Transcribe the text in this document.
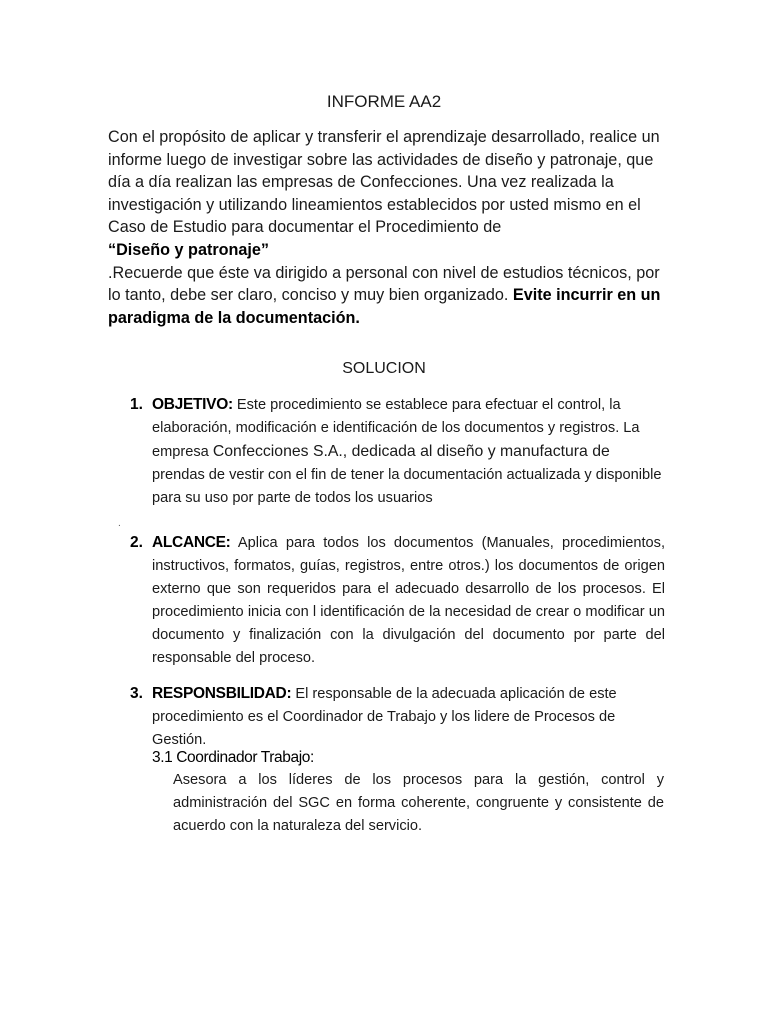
INFORME AA2

Con el propósito de aplicar y transferir el aprendizaje desarrollado, realice un informe luego de investigar sobre las actividades de diseño y patronaje, que día a día realizan las empresas de Confecciones. Una vez realizada la investigación y utilizando lineamientos establecidos por usted mismo en el Caso de Estudio para documentar el Procedimiento de

“Diseño y patronaje”

.Recuerde que éste va dirigido a personal con nivel de estudios técnicos, por lo tanto, debe ser claro, conciso y muy bien organizado. Evite incurrir en un paradigma de la documentación.

SOLUCION
1. OBJETIVO: Este procedimiento se establece para efectuar el control, la elaboración, modificación e identificación de los documentos y registros. La empresa Confecciones S.A., dedicada al diseño y manufactura de prendas de vestir con el fin de tener la documentación actualizada y disponible para su uso por parte de todos los usuarios
.
2. ALCANCE: Aplica para todos los documentos (Manuales, procedimientos, instructivos, formatos, guías, registros, entre otros.) los documentos de origen externo que son requeridos para el adecuado desarrollo de los procesos. El procedimiento inicia con l identificación de la necesidad de crear o modificar un documento y finalización con la divulgación del documento por parte del responsable del proceso.
3. RESPONSBILIDAD: El responsable de la adecuada aplicación de este procedimiento es el Coordinador de Trabajo y los lidere de Procesos de Gestión.
3.1 Coordinador Trabajo:
Asesora a los líderes de los procesos para la gestión, control y administración del SGC en forma coherente, congruente y consistente de acuerdo con la naturaleza del servicio.
